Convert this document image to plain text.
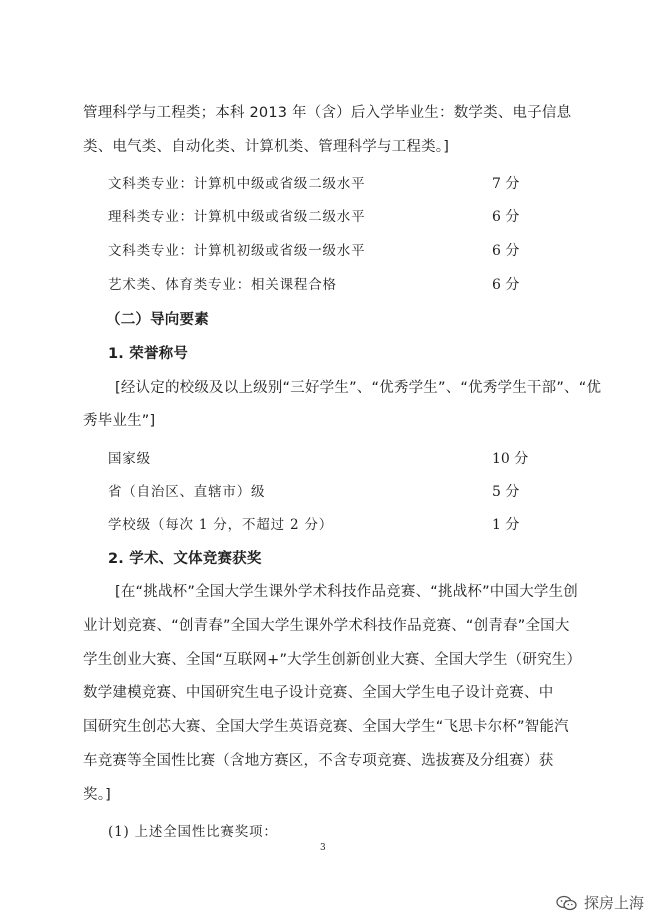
管理科学与工程类；本科 2013 年（含）后入学毕业生：数学类、电子信息
类、电气类、自动化类、计算机类、管理科学与工程类。]
文科类专业：计算机中级或省级二级水平	7 分
理科类专业：计算机中级或省级二级水平	6 分
文科类专业：计算机初级或省级一级水平	6 分
艺术类、体育类专业：相关课程合格	6 分
（二）导向要素
1. 荣誉称号
[经认定的校级及以上级别“三好学生”、“优秀学生”、“优秀学生干部”、“优
秀毕业生”]
国家级	10 分
省（自治区、直辖市）级	5 分
学校级（每次 1 分，不超过 2 分）	1 分
2. 学术、文体竞赛获奖
[在“挑战杯”全国大学生课外学术科技作品竞赛、“挑战杯”中国大学生创
业计划竞赛、“创青春”全国大学生课外学术科技作品竞赛、“创青春”全国大
学生创业大赛、全国“互联网+”大学生创新创业大赛、全国大学生（研究生）
数学建模竞赛、中国研究生电子设计竞赛、全国大学生电子设计竞赛、中
国研究生创芯大赛、全国大学生英语竞赛、全国大学生“飞思卡尔杯”智能汽
车竞赛等全国性比赛（含地方赛区，不含专项竞赛、选拔赛及分组赛）获
奖。]
(1) 上述全国性比赛奖项：
3
探房上海
